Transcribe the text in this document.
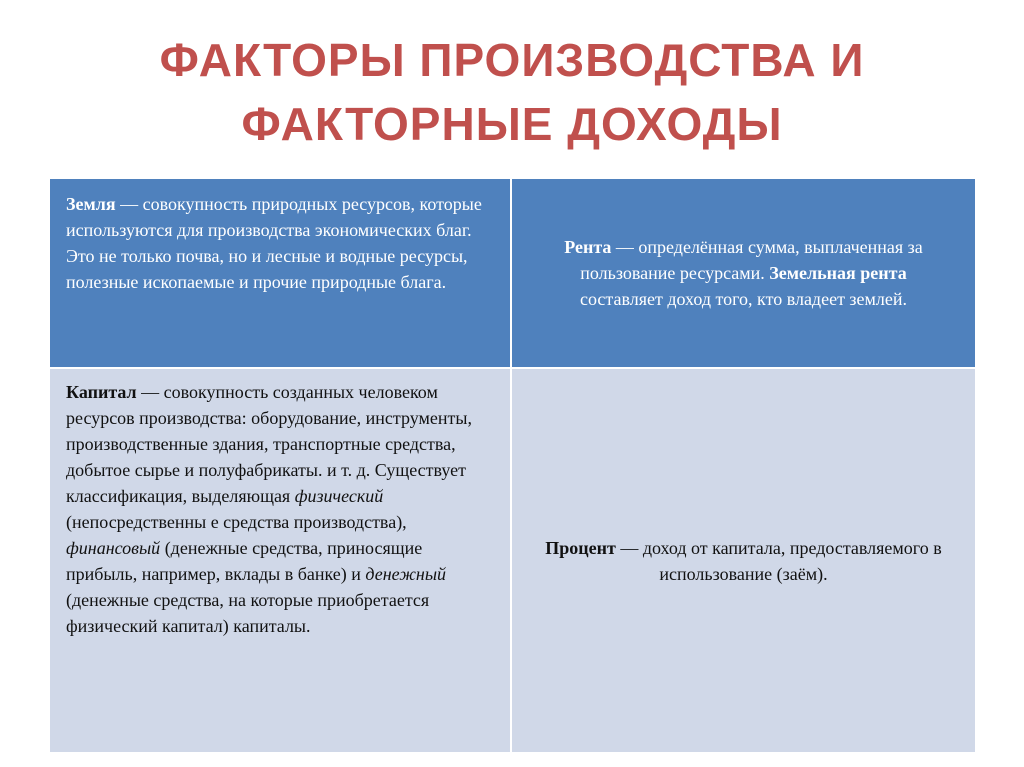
ФАКТОРЫ ПРОИЗВОДСТВА И
ФАКТОРНЫЕ ДОХОДЫ
Земля — совокупность природных ресурсов, которые используются для производства экономических благ. Это не только почва, но и лесные и водные ресурсы, полезные ископаемые и прочие природные блага.
Рента — определённая сумма, выплаченная за пользование ресурсами. Земельная рента составляет доход того, кто владеет землей.
Капитал — совокупность созданных человеком ресурсов производства: оборудование, инструменты, производственные здания, транспортные средства, добытое сырье и полуфабрикаты. и т. д. Существует классификация, выделяющая физический (непосредственны е средства производства), финансовый (денежные средства, приносящие прибыль, например, вклады в банке) и денежный (денежные средства, на которые приобретается физический капитал) капиталы.
Процент — доход от капитала, предоставляемого в использование (заём).
